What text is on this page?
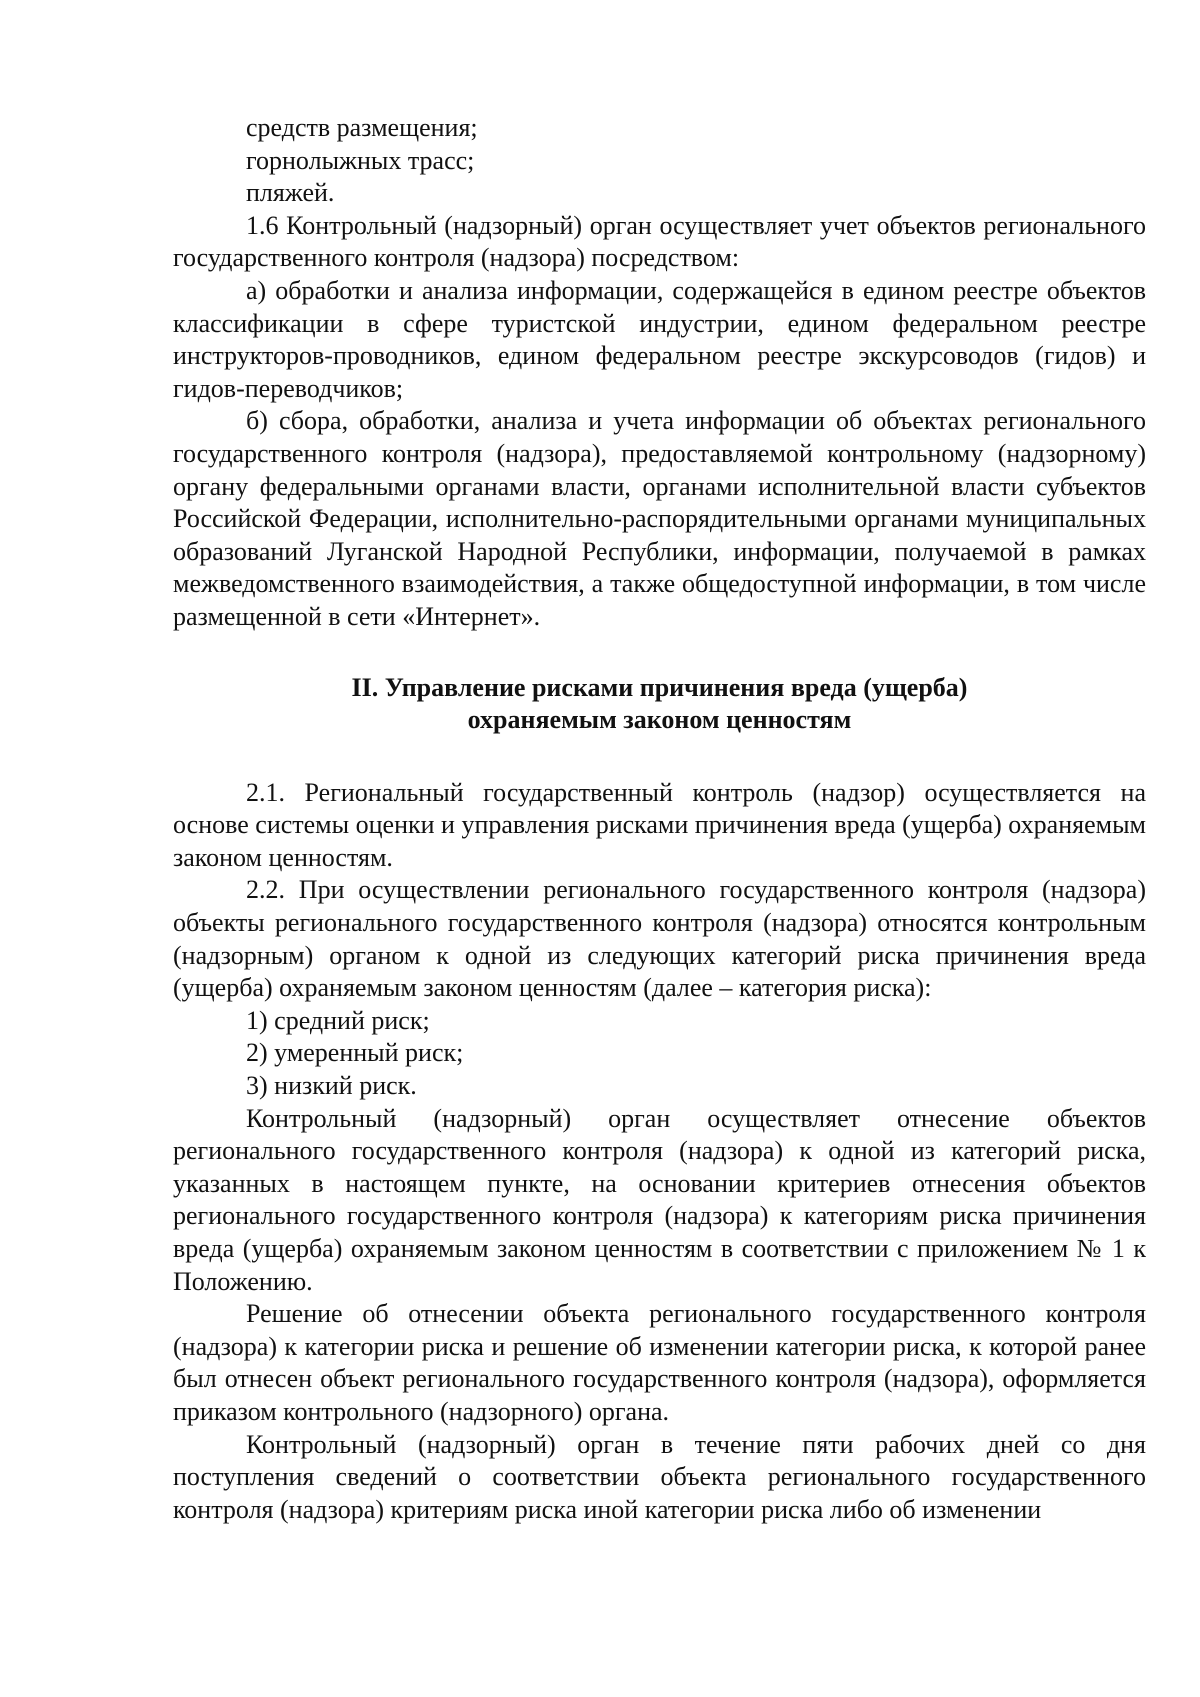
средств размещения;

горнолыжных трасс;

пляжей.

1.6 Контрольный (надзорный) орган осуществляет учет объектов регионального государственного контроля (надзора) посредством:

а) обработки и анализа информации, содержащейся в едином реестре объектов классификации в сфере туристской индустрии, едином федеральном реестре инструкторов-проводников, едином федеральном реестре экскурсоводов (гидов) и гидов-переводчиков;

б) сбора, обработки, анализа и учета информации об объектах регионального государственного контроля (надзора), предоставляемой контрольному (надзорному) органу федеральными органами власти, органами исполнительной власти субъектов Российской Федерации, исполнительно-распорядительными органами муниципальных образований Луганской Народной Республики, информации, получаемой в рамках межведомственного взаимодействия, а также общедоступной информации, в том числе размещенной в сети «Интернет».

II. Управление рисками причинения вреда (ущерба)

охраняемым законом ценностям

2.1. Региональный государственный контроль (надзор) осуществляется на основе системы оценки и управления рисками причинения вреда (ущерба) охраняемым законом ценностям.

2.2. При осуществлении регионального государственного контроля (надзора) объекты регионального государственного контроля (надзора) относятся контрольным (надзорным) органом к одной из следующих категорий риска причинения вреда (ущерба) охраняемым законом ценностям (далее – категория риска):

1) средний риск;

2) умеренный риск;

3) низкий риск.

Контрольный (надзорный) орган осуществляет отнесение объектов регионального государственного контроля (надзора) к одной из категорий риска, указанных в настоящем пункте, на основании критериев отнесения объектов регионального государственного контроля (надзора) к категориям риска причинения вреда (ущерба) охраняемым законом ценностям в соответствии с приложением № 1 к Положению.

Решение об отнесении объекта регионального государственного контроля (надзора) к категории риска и решение об изменении категории риска, к которой ранее был отнесен объект регионального государственного контроля (надзора), оформляется приказом контрольного (надзорного) органа.

Контрольный (надзорный) орган в течение пяти рабочих дней со дня поступления сведений о соответствии объекта регионального государственного контроля (надзора) критериям риска иной категории риска либо об изменении
